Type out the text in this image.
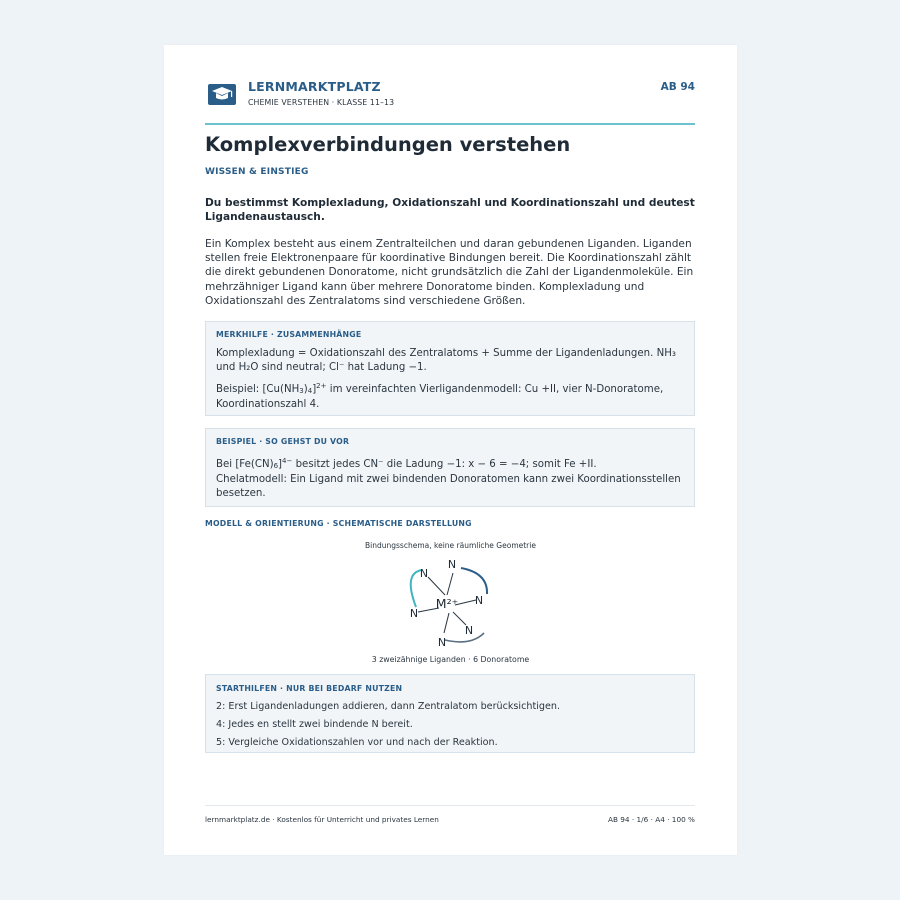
LERNMARKTPLATZ
CHEMIE VERSTEHEN · KLASSE 11–13
AB 94
Komplexverbindungen verstehen
WISSEN & EINSTIEG
Du bestimmst Komplexladung, Oxidationszahl und Koordinationszahl und deutest Ligandenaustausch.
Ein Komplex besteht aus einem Zentralteilchen und daran gebundenen Liganden. Liganden stellen freie Elektronenpaare für koordinative Bindungen bereit. Die Koordinationszahl zählt die direkt gebundenen Donoratome, nicht grundsätzlich die Zahl der Ligandenmoleküle. Ein mehrzähniger Ligand kann über mehrere Donoratome binden. Komplexladung und Oxidationszahl des Zentralatoms sind verschiedene Größen.
MERKHILFE · ZUSAMMENHÄNGE
Komplexladung = Oxidationszahl des Zentralatoms + Summe der Ligandenladungen. NH₃ und H₂O sind neutral; Cl⁻ hat Ladung −1.
Beispiel: $[Cu(NH3)4]^{2+}$ im vereinfachten Vierligandenmodell: Cu +II, vier N-Donoratome, Koordinationszahl 4.
BEISPIEL · SO GEHST DU VOR
Bei $[Fe(CN)6]^{4-}$ besitzt jedes CN⁻ die Ladung −1: x − 6 = −4; somit Fe +II.
Chelatmodell: Ein Ligand mit zwei bindenden Donoratomen kann zwei Koordinationsstellen besetzen.
MODELL & ORIENTIERUNG · SCHEMATISCHE DARSTELLUNG
Bindungsschema, keine räumliche Geometrie
M²⁺
N
N
N
N
N
N
3 zweizähnige Liganden · 6 Donoratome
STARTHILFEN · NUR BEI BEDARF NUTZEN
2: Erst Ligandenladungen addieren, dann Zentralatom berücksichtigen.
4: Jedes en stellt zwei bindende N bereit.
5: Vergleiche Oxidationszahlen vor und nach der Reaktion.
lernmarktplatz.de · Kostenlos für Unterricht und privates Lernen	AB 94 · 1/6 · A4 · 100 %
